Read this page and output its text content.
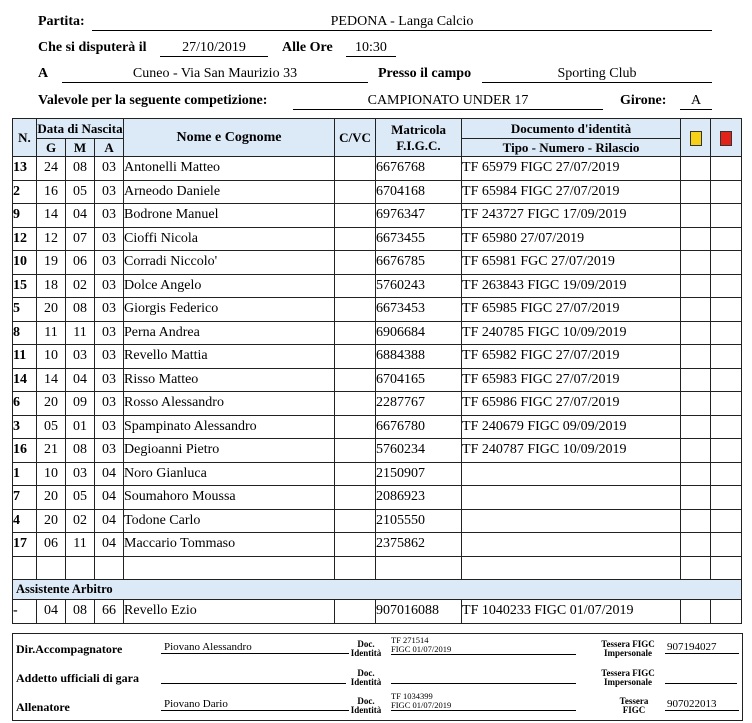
Partita:	PEDONA - Langa Calcio
Che si disputerà il	27/10/2019	Alle Ore	10:30
A	Cuneo - Via San Maurizio 33	Presso il campo	Sporting Club
Valevole per la seguente competizione:	CAMPIONATO UNDER 17	Girone:	A
N.	Data di Nascita			Nome e Cognome	C/VC	Matricola
F.I.G.C.	Documento d'identità		
	G	M	A				Tipo - Numero - Rilascio		
13	24	08	03	Antonelli Matteo		6676768	TF 65979 FIGC 27/07/2019		
2	16	05	03	Arneodo Daniele		6704168	TF 65984 FIGC 27/07/2019		
9	14	04	03	Bodrone Manuel		6976347	TF 243727 FIGC 17/09/2019		
12	12	07	03	Cioffi Nicola		6673455	TF 65980 27/07/2019		
10	19	06	03	Corradi Niccolo'		6676785	TF 65981 FGC 27/07/2019		
15	18	02	03	Dolce Angelo		5760243	TF 263843 FIGC 19/09/2019		
5	20	08	03	Giorgis Federico		6673453	TF 65985 FIGC 27/07/2019		
8	11	11	03	Perna Andrea		6906684	TF 240785 FIGC 10/09/2019		
11	10	03	03	Revello Mattia		6884388	TF 65982 FIGC 27/07/2019		
14	14	04	03	Risso Matteo		6704165	TF 65983 FIGC 27/07/2019		
6	20	09	03	Rosso Alessandro		2287767	TF 65986 FIGC 27/07/2019		
3	05	01	03	Spampinato Alessandro		6676780	TF 240679 FIGC 09/09/2019		
16	21	08	03	Degioanni Pietro		5760234	TF 240787 FIGC 10/09/2019		
1	10	03	04	Noro Gianluca		2150907			
7	20	05	04	Soumahoro Moussa		2086923			
4	20	02	04	Todone Carlo		2105550			
17	06	11	04	Maccario Tommaso		2375862			

Assistente Arbitro									
-	04	08	66	Revello Ezio		907016088	TF 1040233 FIGC 01/07/2019		
Dir.Accompagnatore	Piovano Alessandro	Doc.
Identità
TF 271514
FIGC 01/07/2019	Tessera FIGC
Impersonale	907194027
Addetto ufficiali di gara	Doc.
Identità
Tessera FIGC
Impersonale
Allenatore	Piovano Dario	Doc.
Identità
TF 1034399
FIGC 01/07/2019	Tessera
FIGC	907022013
